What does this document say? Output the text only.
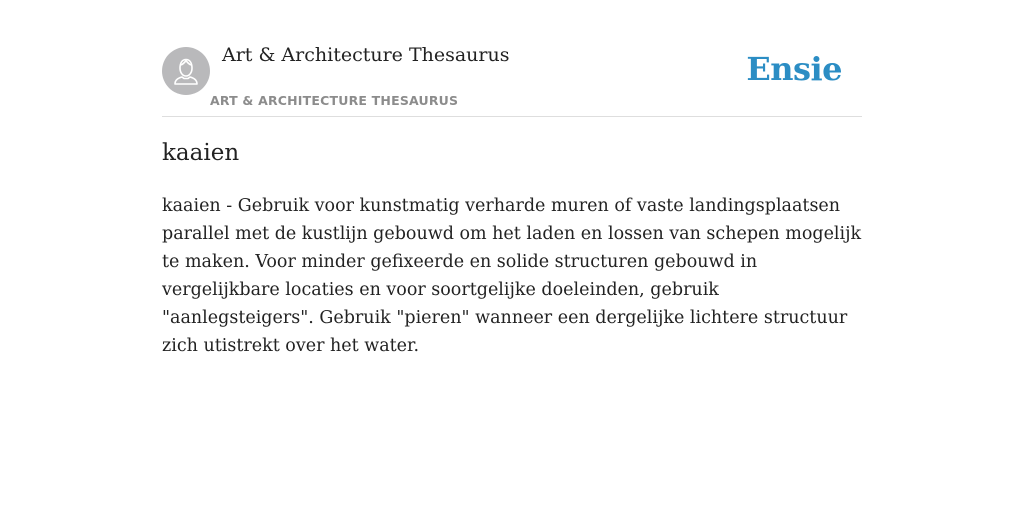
Art & Architecture Thesaurus
ART & ARCHITECTURE THESAURUS
Ensie
kaaien

kaaien - Gebruik voor kunstmatig verharde muren of vaste landingsplaatsen parallel met de kustlijn gebouwd om het laden en lossen van schepen mogelijk te maken. Voor minder gefixeerde en solide structuren gebouwd in vergelijkbare locaties en voor soortgelijke doeleinden, gebruik "aanlegsteigers". Gebruik "pieren" wanneer een dergelijke lichtere structuur zich utistrekt over het water.
